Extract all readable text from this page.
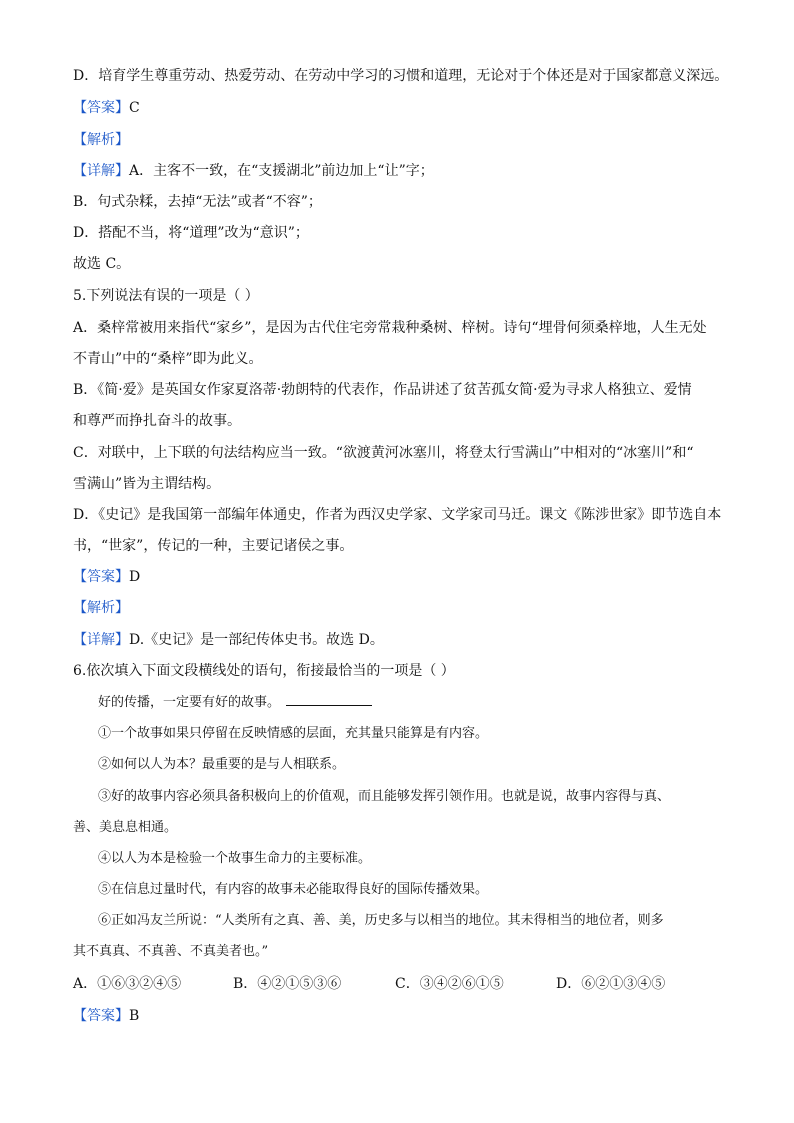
D．培育学生尊重劳动、热爱劳动、在劳动中学习的习惯和道理，无论对于个体还是对于国家都意义深远。
【答案】C
【解析】
【详解】A．主客不一致，在“支援湖北”前边加上“让”字；
B．句式杂糅，去掉“无法”或者“不容”；
D．搭配不当，将“道理”改为“意识”；
故选 C。
5.下列说法有误的一项是（ ）
A．桑梓常被用来指代“家乡”，是因为古代住宅旁常栽种桑树、梓树。诗句“埋骨何须桑梓地，人生无处
不青山”中的“桑梓”即为此义。
B．《简·爱》是英国女作家夏洛蒂·勃朗特的代表作，作品讲述了贫苦孤女简·爱为寻求人格独立、爱情
和尊严而挣扎奋斗的故事。
C．对联中，上下联的句法结构应当一致。“欲渡黄河冰塞川，将登太行雪满山”中相对的“冰塞川”和“
雪满山”皆为主谓结构。
D．《史记》是我国第一部编年体通史，作者为西汉史学家、文学家司马迁。课文《陈涉世家》即节选自本
书，“世家”，传记的一种，主要记诸侯之事。
【答案】D
【解析】
【详解】D.《史记》是一部纪传体史书。故选 D。
6.依次填入下面文段横线处的语句，衔接最恰当的一项是（ ）
好的传播，一定要有好的故事。
①一个故事如果只停留在反映情感的层面，充其量只能算是有内容。
②如何以人为本？最重要的是与人相联系。
③好的故事内容必须具备积极向上的价值观，而且能够发挥引领作用。也就是说，故事内容得与真、
善、美息息相通。
④以人为本是检验一个故事生命力的主要标准。
⑤在信息过量时代，有内容的故事未必能取得良好的国际传播效果。
⑥正如冯友兰所说：“人类所有之真、善、美，历史多与以相当的地位。其未得相当的地位者，则多
其不真真、不真善、不真美者也。”
A．①⑥③②④⑤	B．④②①⑤③⑥	C．③④②⑥①⑤	D．⑥②①③④⑤
【答案】B
